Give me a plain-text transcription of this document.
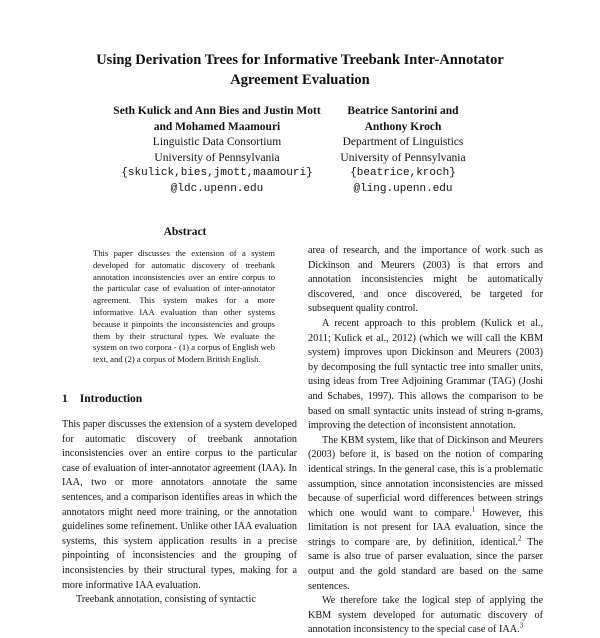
Using Derivation Trees for Informative Treebank Inter-Annotator Agreement Evaluation
Seth Kulick and Ann Bies and Justin Mott
and Mohamed Maamouri
Linguistic Data Consortium
University of Pennsylvania
{skulick,bies,jmott,maamouri}
@ldc.upenn.edu
Beatrice Santorini and
Anthony Kroch
Department of Linguistics
University of Pennsylvania
{beatrice,kroch}
@ling.upenn.edu
Abstract
This paper discusses the extension of a system developed for automatic discovery of treebank annotation inconsistencies over an entire corpus to the particular case of evaluation of inter-annotator agreement. This system makes for a more informative IAA evaluation than other systems because it pinpoints the inconsistencies and groups them by their structural types. We evaluate the system on two corpora - (1) a corpus of English web text, and (2) a corpus of Modern British English.
1 Introduction

This paper discusses the extension of a system developed for automatic discovery of treebank annotation inconsistencies over an entire corpus to the particular case of evaluation of inter-annotator agreement (IAA). In IAA, two or more annotators annotate the same sentences, and a comparison identifies areas in which the annotators might need more training, or the annotation guidelines some refinement. Unlike other IAA evaluation systems, this system application results in a precise pinpointing of inconsistencies and the grouping of inconsistencies by their structural types, making for a more informative IAA evaluation.

Treebank annotation, consisting of syntactic

area of research, and the importance of work such as Dickinson and Meurers (2003) is that errors and annotation inconsistencies might be automatically discovered, and once discovered, be targeted for subsequent quality control.

A recent approach to this problem (Kulick et al., 2011; Kulick et al., 2012) (which we will call the KBM system) improves upon Dickinson and Meurers (2003) by decomposing the full syntactic tree into smaller units, using ideas from Tree Adjoining Grammar (TAG) (Joshi and Schabes, 1997). This allows the comparison to be based on small syntactic units instead of string n-grams, improving the detection of inconsistent annotation.

The KBM system, like that of Dickinson and Meurers (2003) before it, is based on the notion of comparing identical strings. In the general case, this is a problematic assumption, since annotation inconsistencies are missed because of superficial word differences between strings which one would want to compare.$^1$ However, this limitation is not present for IAA evaluation, since the strings to compare are, by definition, identical.$^2$ The same is also true of parser evaluation, since the parser output and the gold standard are based on the same sentences.

We therefore take the logical step of applying the KBM system developed for automatic discovery of annotation inconsistency to the special case of IAA.$^3$
